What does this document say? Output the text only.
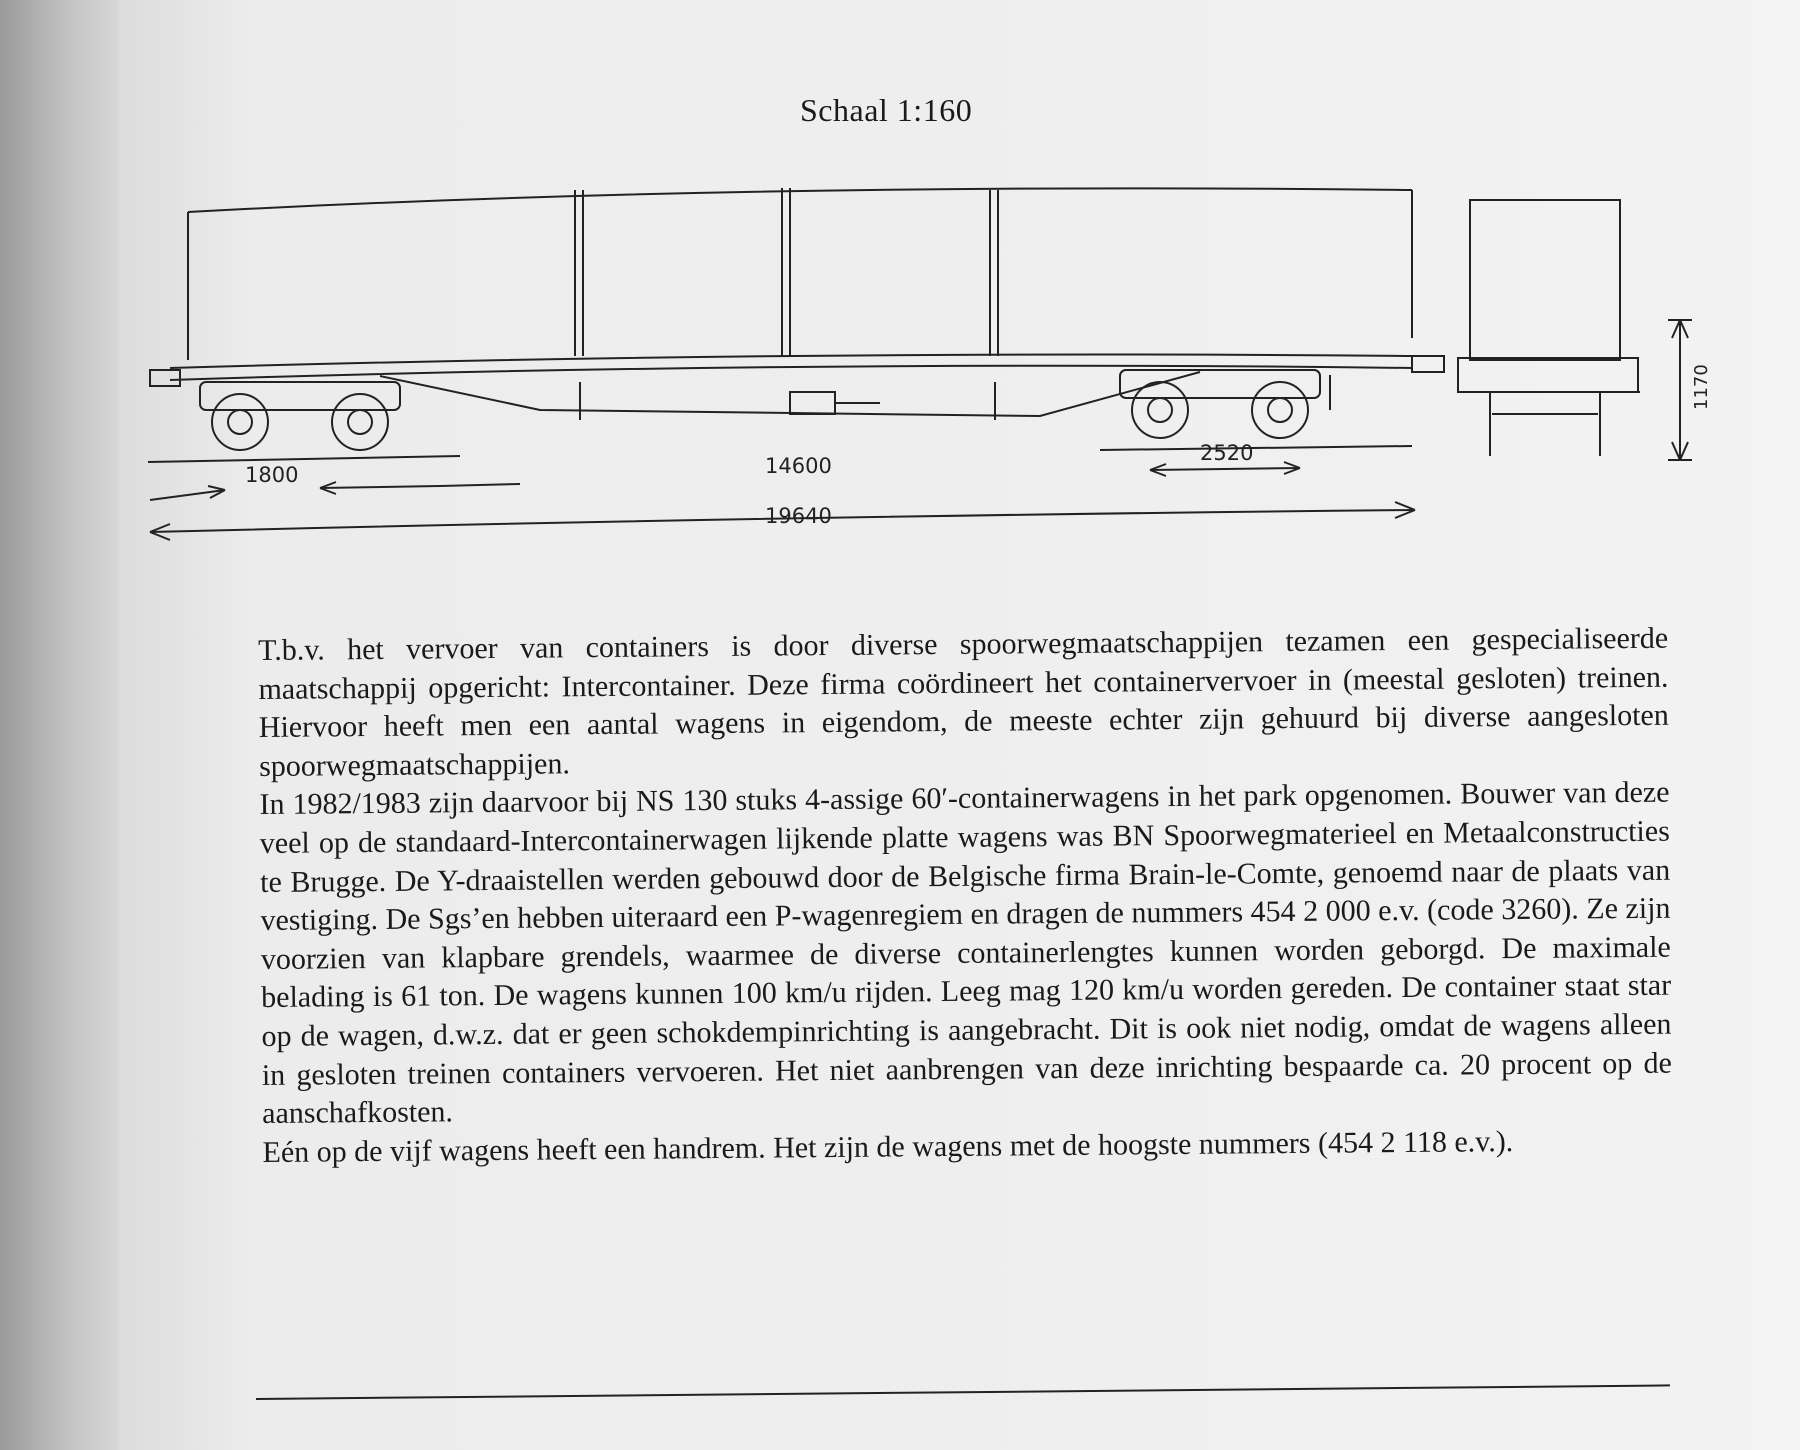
Schaal 1:160
1800	14600
2520
19640
1170

T.b.v. het vervoer van containers is door diverse spoorwegmaatschappijen tezamen een gespecialiseerde maatschappij opgericht: Intercontainer. Deze firma coördineert het containervervoer in (meestal gesloten) treinen. Hiervoor heeft men een aantal wagens in eigendom, de meeste echter zijn gehuurd bij diverse aangesloten spoorwegmaatschappijen.

In 1982/1983 zijn daarvoor bij NS 130 stuks 4-assige 60′-containerwagens in het park opgenomen. Bouwer van deze veel op de standaard-Intercontainerwagen lijkende platte wagens was BN Spoorwegmaterieel en Metaalconstructies te Brugge. De Y-draaistellen werden gebouwd door de Belgische firma Brain-le-Comte, genoemd naar de plaats van vestiging. De Sgs’en hebben uiteraard een P-wagenregiem en dragen de nummers 454 2 000 e.v. (code 3260). Ze zijn voorzien van klapbare grendels, waarmee de diverse containerlengtes kunnen worden geborgd. De maximale belading is 61 ton. De wagens kunnen 100 km/u rijden. Leeg mag 120 km/u worden gereden. De container staat star op de wagen, d.w.z. dat er geen schokdempinrichting is aangebracht. Dit is ook niet nodig, omdat de wagens alleen in gesloten treinen containers vervoeren. Het niet aanbrengen van deze inrichting bespaarde ca. 20 procent op de aanschafkosten.

Eén op de vijf wagens heeft een handrem. Het zijn de wagens met de hoogste nummers (454 2 118 e.v.).
